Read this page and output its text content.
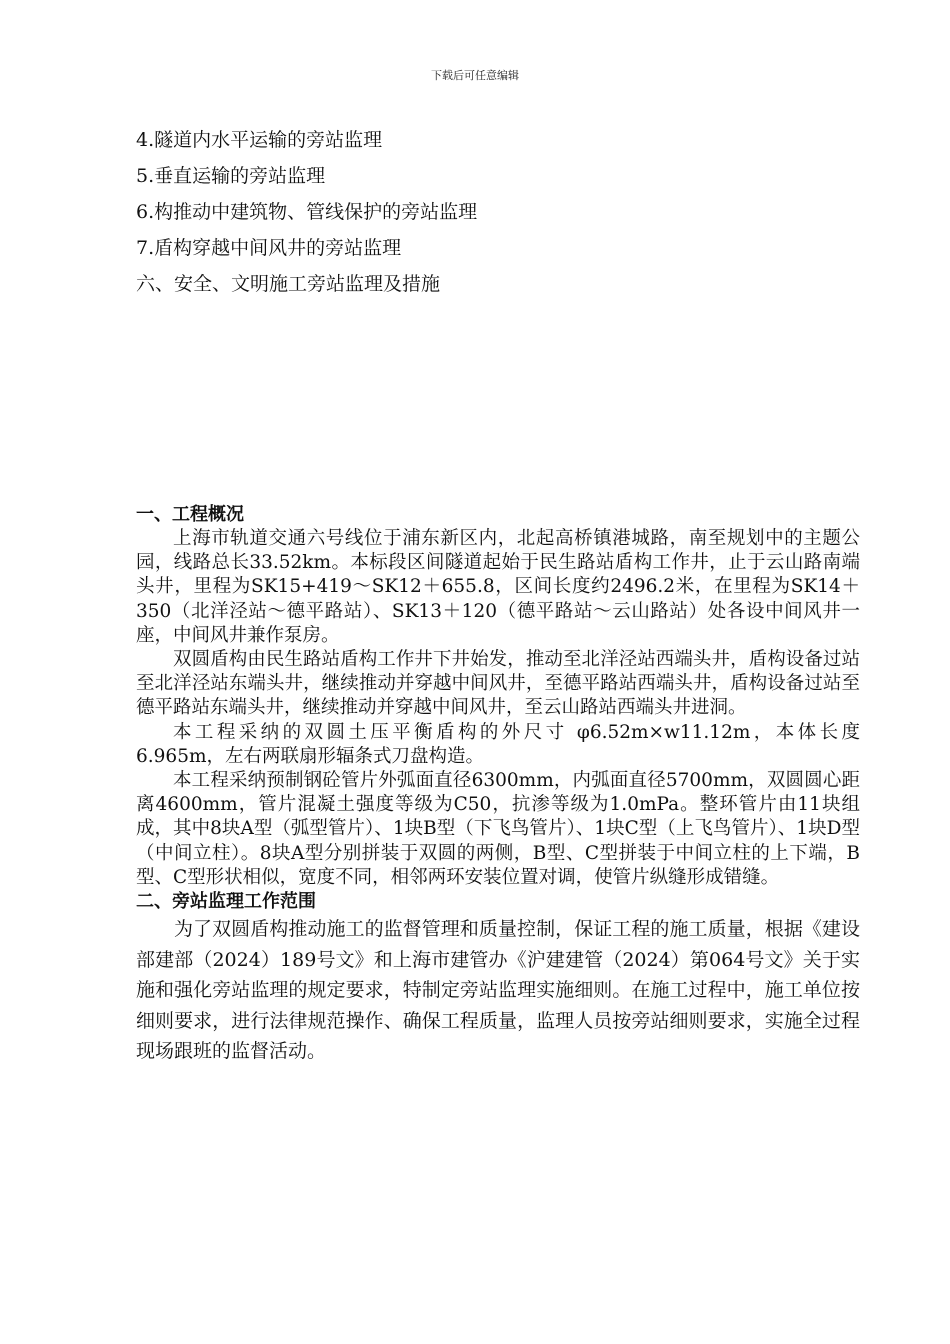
下载后可任意编辑
4.隧道内水平运输的旁站监理
5.垂直运输的旁站监理
6.构推动中建筑物、管线保护的旁站监理
7.盾构穿越中间风井的旁站监理
六、安全、文明施工旁站监理及措施
一、工程概况

上海市轨道交通六号线位于浦东新区内，北起高桥镇港城路，南至规划中的主题公园，线路总长33.52km。本标段区间隧道起始于民生路站盾构工作井，止于云山路南端头井，里程为SK15+419～SK12＋655.8，区间长度约2496.2米，在里程为SK14＋350（北洋泾站～德平路站）、SK13＋120（德平路站～云山路站）处各设中间风井一座，中间风井兼作泵房。

双圆盾构由民生路站盾构工作井下井始发，推动至北洋泾站西端头井，盾构设备过站至北洋泾站东端头井，继续推动并穿越中间风井，至德平路站西端头井，盾构设备过站至德平路站东端头井，继续推动并穿越中间风井，至云山路站西端头井进洞。

本工程采纳的双圆土压平衡盾构的外尺寸 φ6.52m×w11.12m，本体长度6.965m，左右两联扇形辐条式刀盘构造。

本工程采纳预制钢砼管片外弧面直径6300mm，内弧面直径5700mm，双圆圆心距离4600mm，管片混凝土强度等级为C50，抗渗等级为1.0mPa。整环管片由11块组成，其中8块A型（弧型管片）、1块B型（下飞鸟管片）、1块C型（上飞鸟管片）、1块D型（中间立柱）。8块A型分别拼装于双圆的两侧，B型、C型拼装于中间立柱的上下端，B型、C型形状相似，宽度不同，相邻两环安装位置对调，使管片纵缝形成错缝。

二、旁站监理工作范围

为了双圆盾构推动施工的监督管理和质量控制，保证工程的施工质量，根据《建设部建部（2024）189号文》和上海市建管办《沪建建管（2024）第064号文》关于实施和强化旁站监理的规定要求，特制定旁站监理实施细则。在施工过程中，施工单位按细则要求，进行法律规范操作、确保工程质量，监理人员按旁站细则要求，实施全过程现场跟班的监督活动。
